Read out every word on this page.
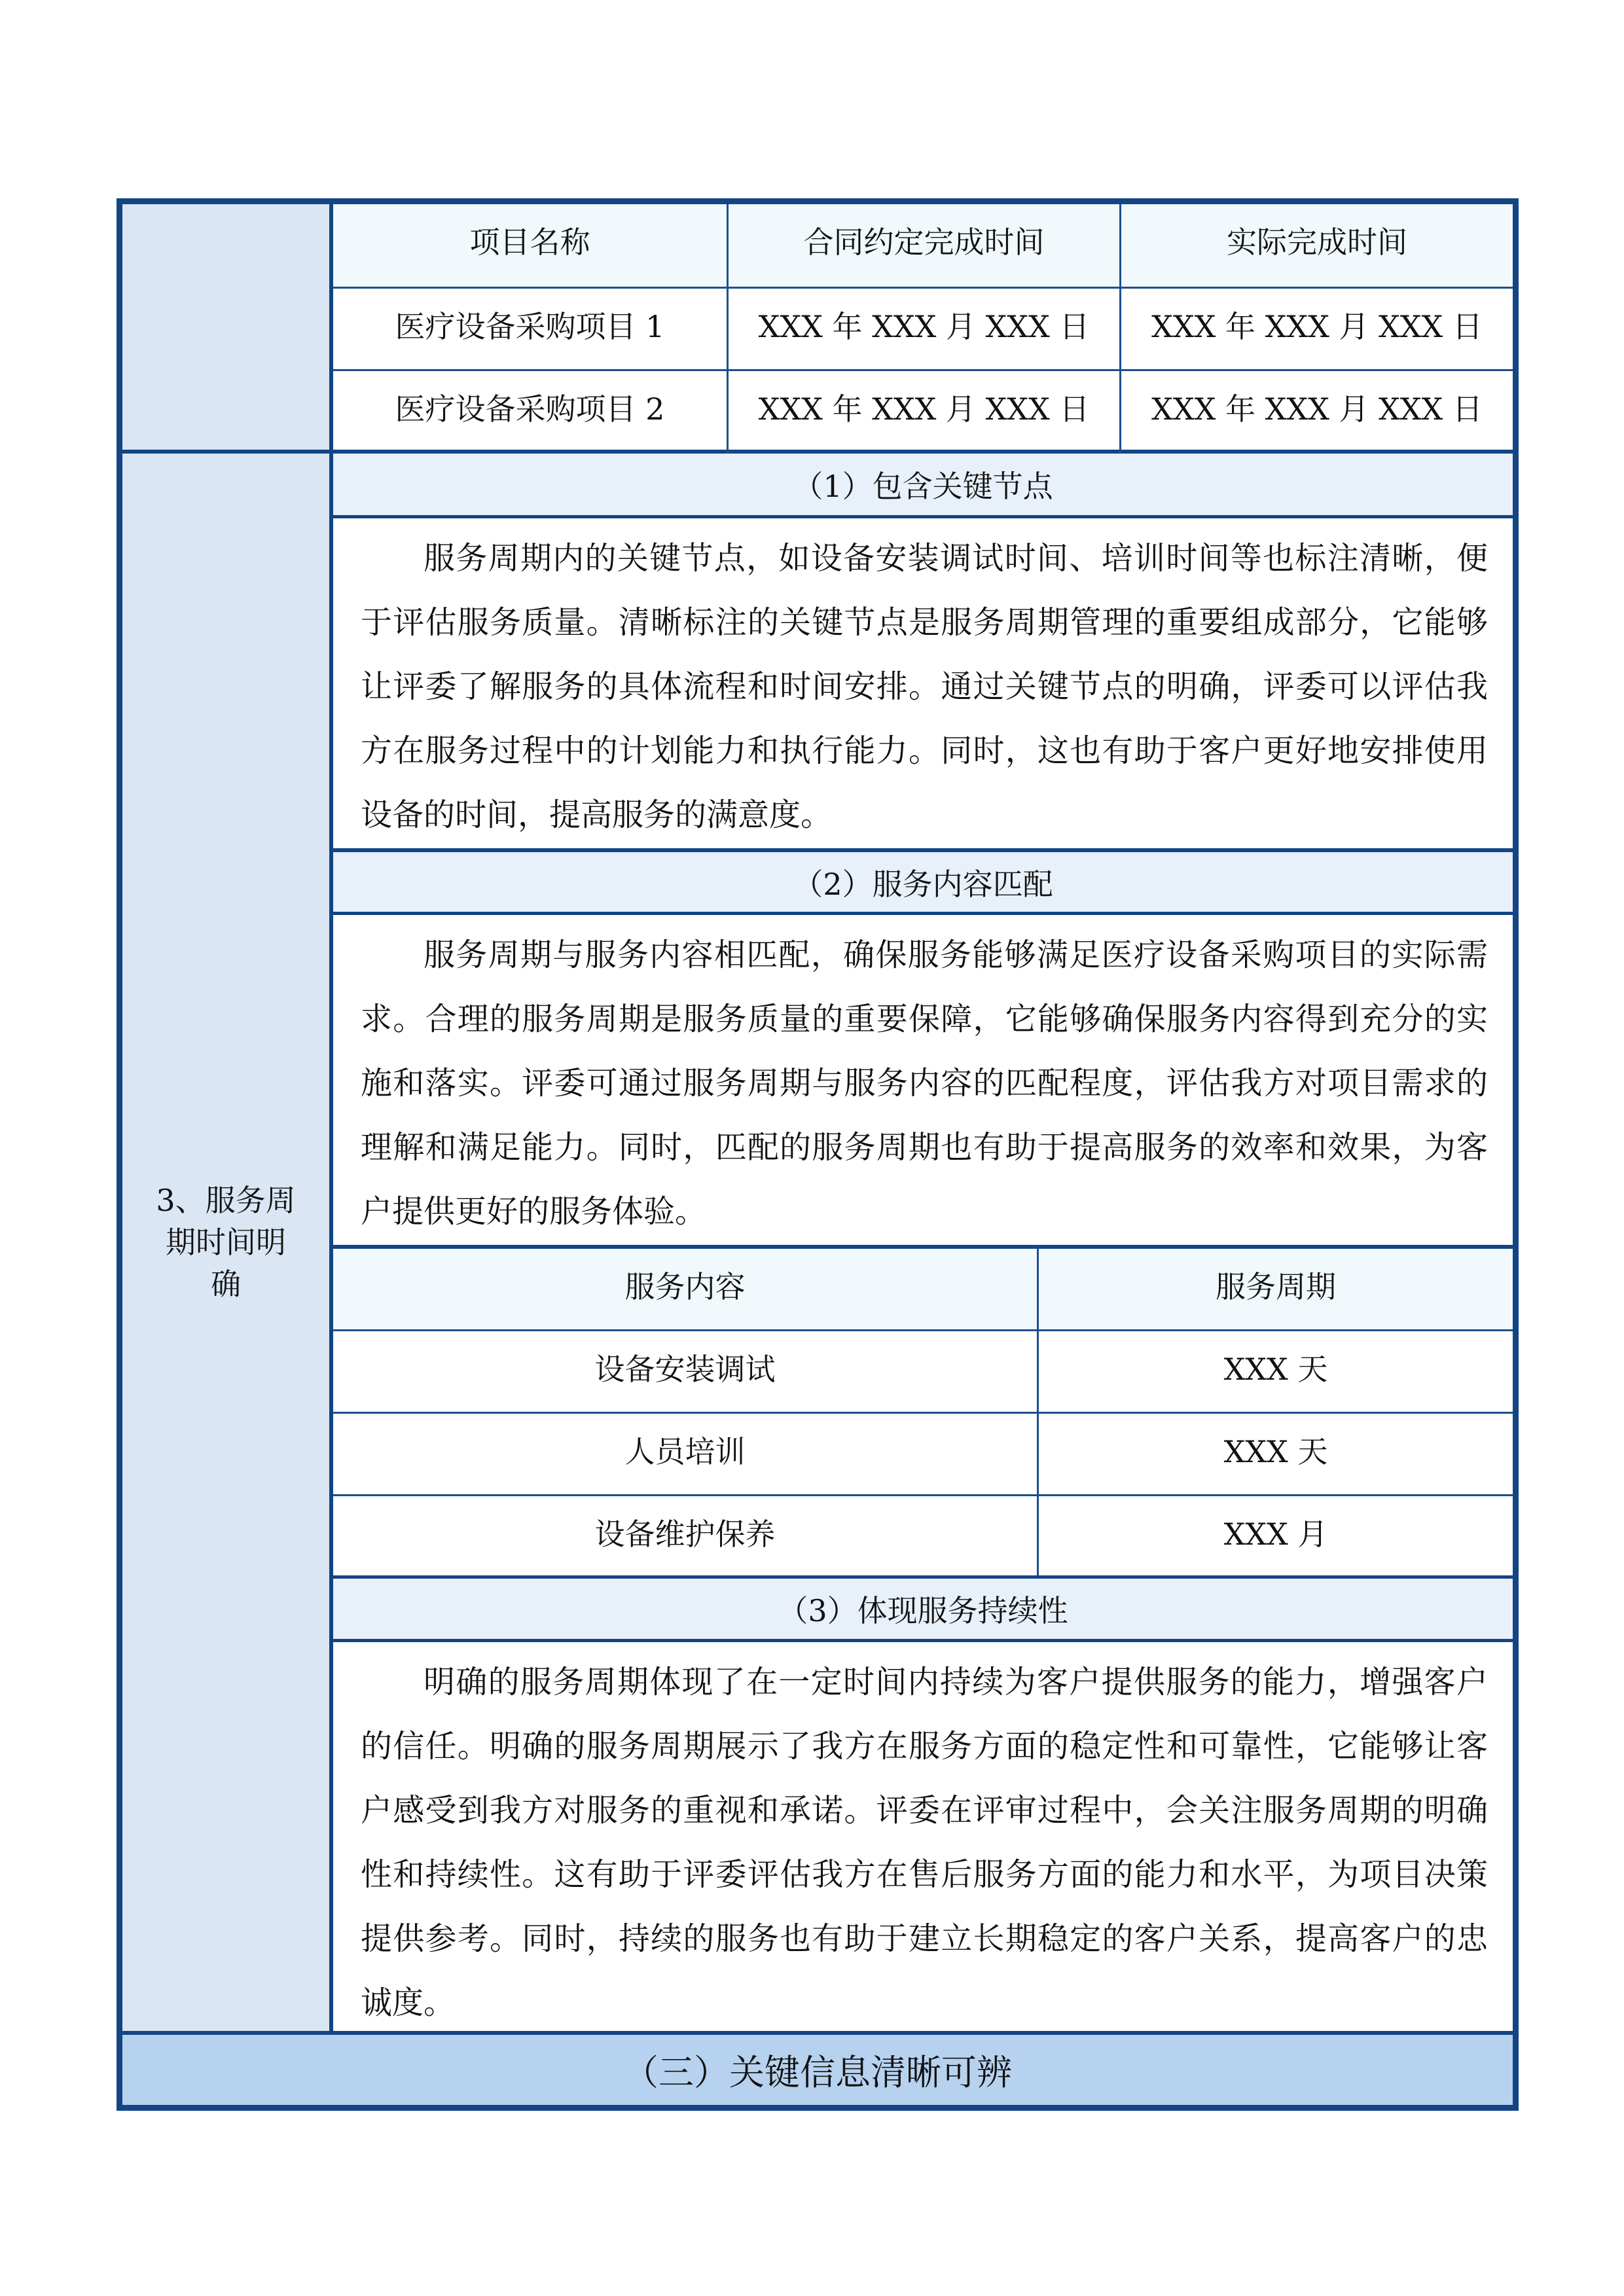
项目名称	合同约定完成时间	实际完成时间
医疗设备采购项目 1	XXX 年 XXX 月 XXX 日	XXX 年 XXX 月 XXX 日
医疗设备采购项目 2	XXX 年 XXX 月 XXX 日	XXX 年 XXX 月 XXX 日
3、服务周期时间明确
（1）包含关键节点
服务周期内的关键节点，如设备安装调试时间、培训时间等也标注清晰，便于评估服务质量。清晰标注的关键节点是服务周期管理的重要组成部分，它能够让评委了解服务的具体流程和时间安排。通过关键节点的明确，评委可以评估我方在服务过程中的计划能力和执行能力。同时，这也有助于客户更好地安排使用设备的时间，提高服务的满意度。
（2）服务内容匹配
服务周期与服务内容相匹配，确保服务能够满足医疗设备采购项目的实际需求。合理的服务周期是服务质量的重要保障，它能够确保服务内容得到充分的实施和落实。评委可通过服务周期与服务内容的匹配程度，评估我方对项目需求的理解和满足能力。同时，匹配的服务周期也有助于提高服务的效率和效果，为客户提供更好的服务体验。
服务内容	服务周期
设备安装调试	XXX 天
人员培训	XXX 天
设备维护保养	XXX 月
（3）体现服务持续性
明确的服务周期体现了在一定时间内持续为客户提供服务的能力，增强客户的信任。明确的服务周期展示了我方在服务方面的稳定性和可靠性，它能够让客户感受到我方对服务的重视和承诺。评委在评审过程中，会关注服务周期的明确性和持续性。这有助于评委评估我方在售后服务方面的能力和水平，为项目决策提供参考。同时，持续的服务也有助于建立长期稳定的客户关系，提高客户的忠诚度。
（三）关键信息清晰可辨
